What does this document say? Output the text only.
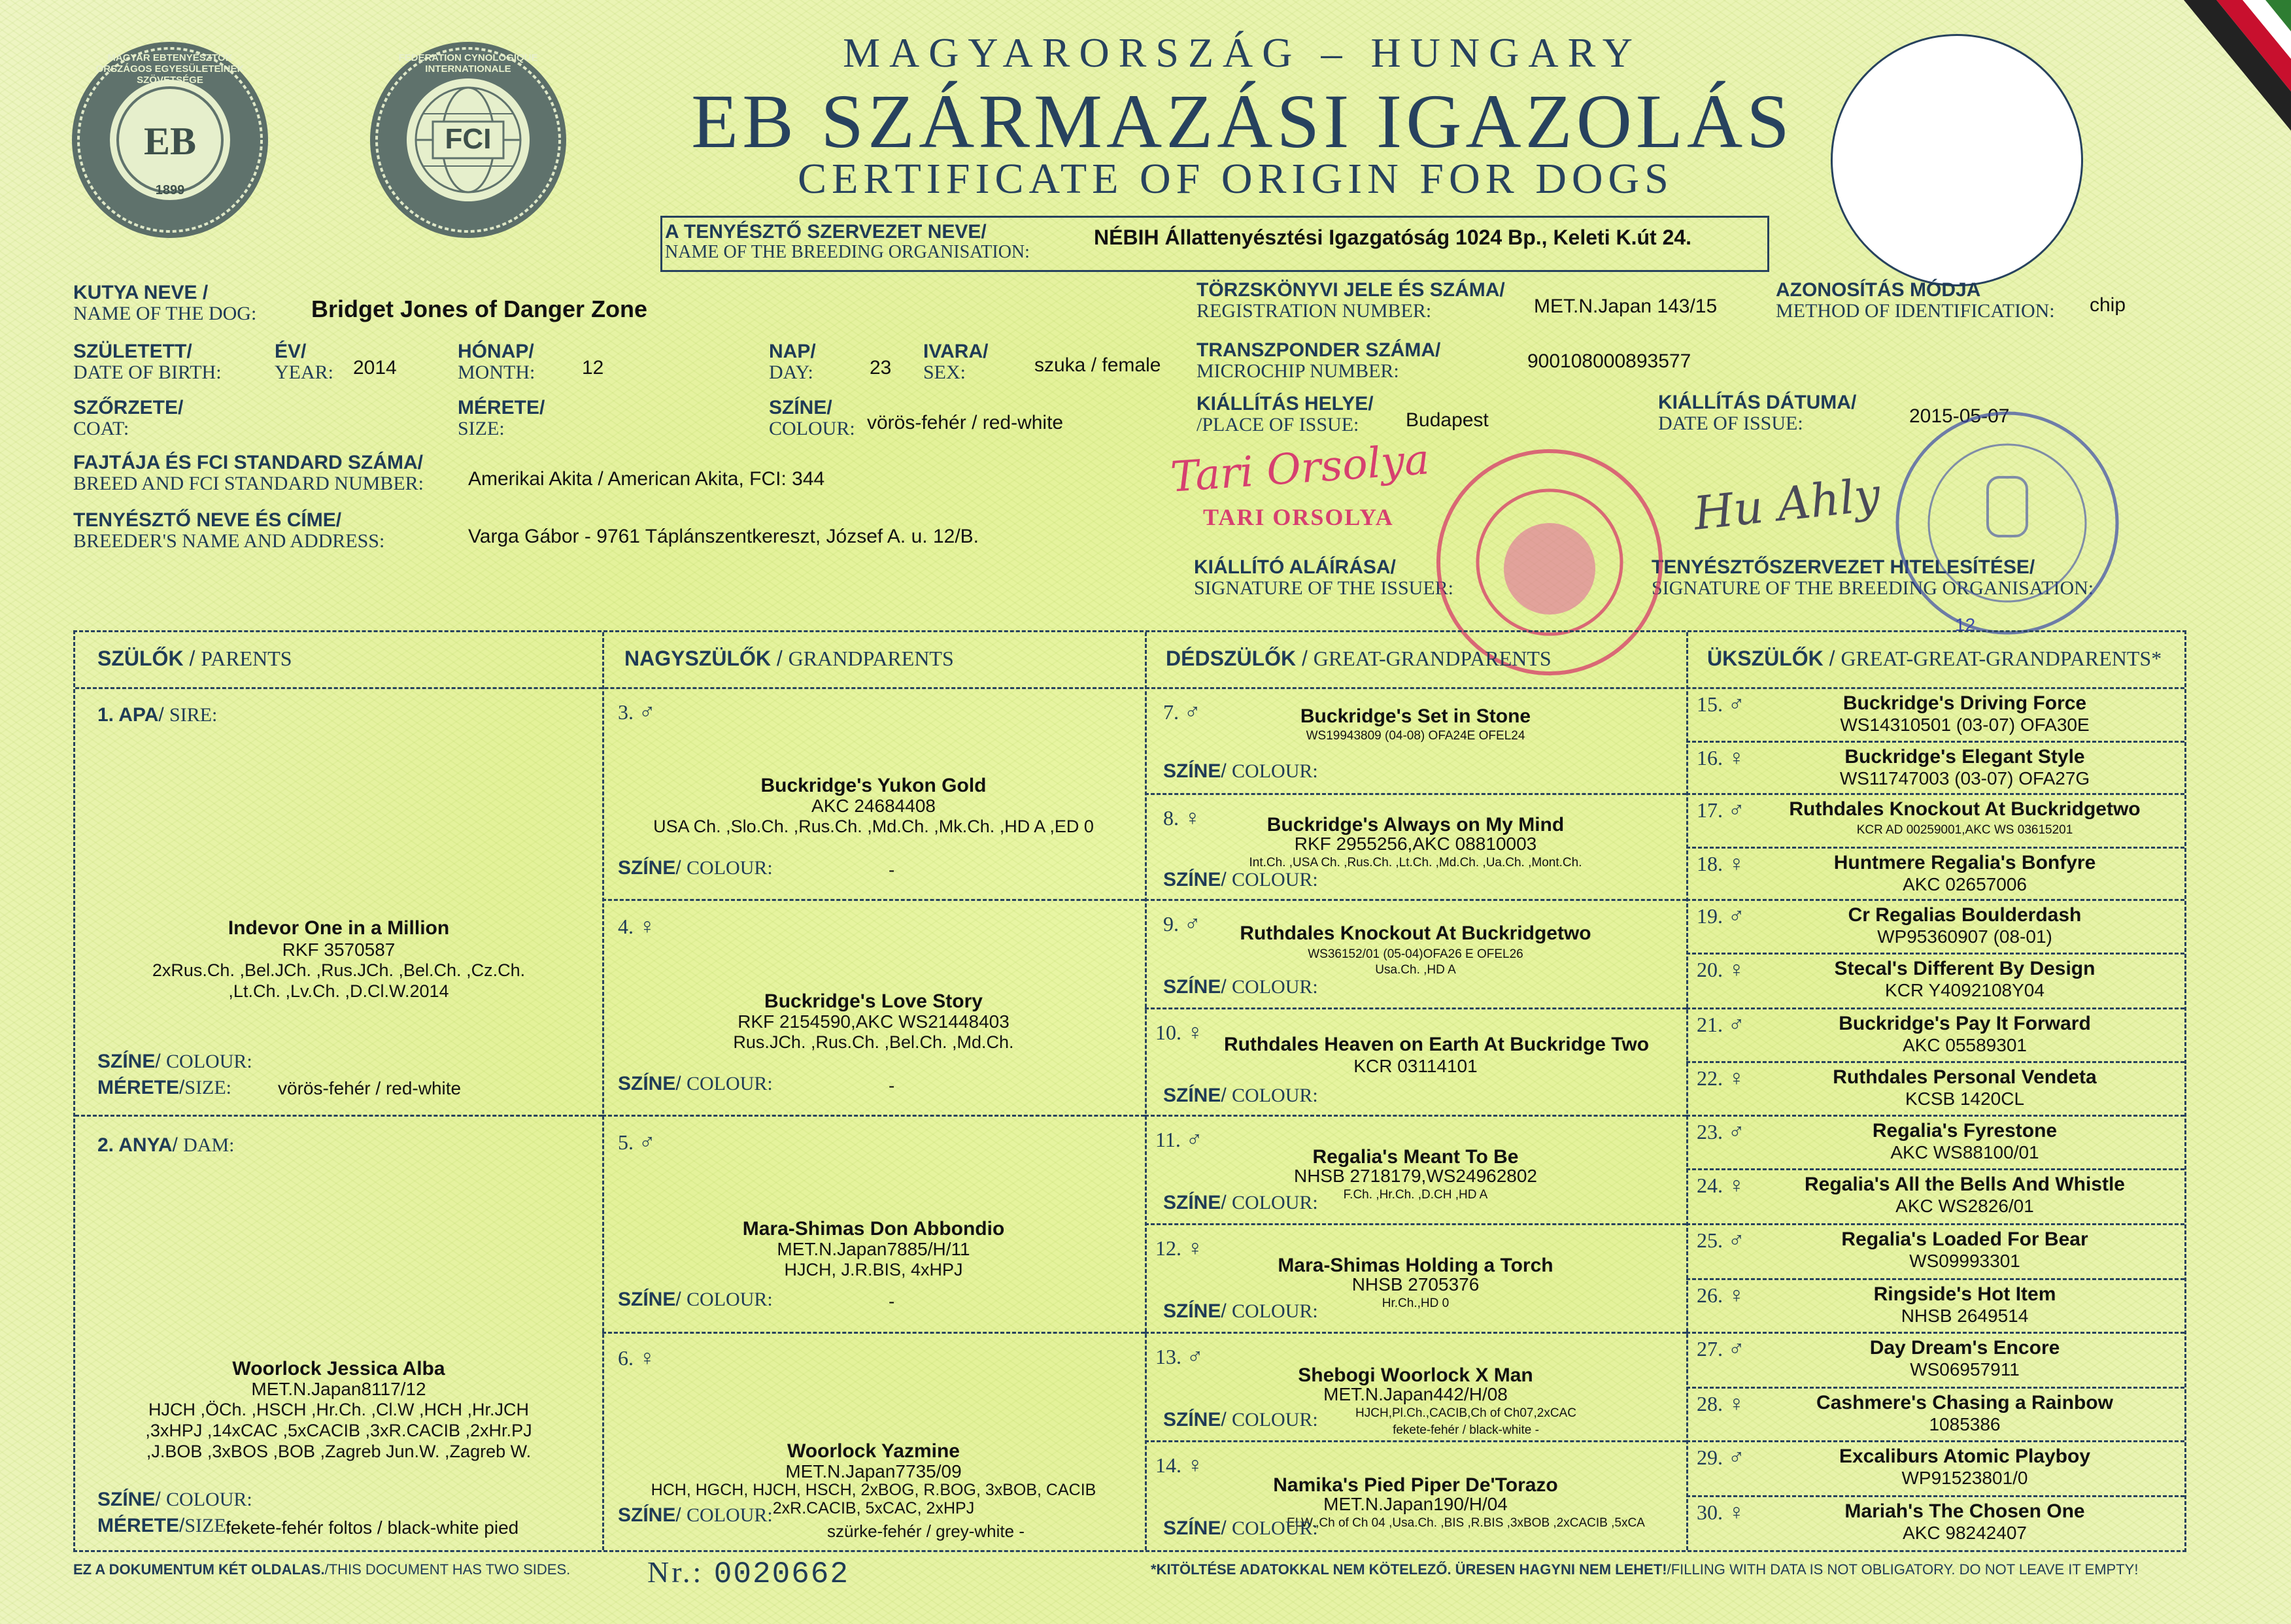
EB
1899
MAGYAR EBTENYÉSZTŐK ORSZÁGOS EGYESÜLETEINEK SZÖVETSÉGE
FCI
FEDERATION CYNOLOGIQUE INTERNATIONALE	MAGYARORSZÁG – HUNGARY
EB SZÁRMAZÁSI IGAZOLÁS
CERTIFICATE OF ORIGIN FOR DOGS
A TENYÉSZTŐ SZERVEZET NEVE/
NAME OF THE BREEDING ORGANISATION:
NÉBIH Állattenyésztési Igazgatóság 1024 Bp., Keleti K.út 24.
KUTYA NEVE /
NAME OF THE DOG: Bridget Jones of Danger Zone
SZÜLETETT/
DATE OF BIRTH:
ÉV/
YEAR: 2014
HÓNAP/
MONTH: 12
NAP/
DAY:	23
IVARA/
SEX:	szuka / female
SZŐRZETE/
COAT:
MÉRETE/
SIZE:
SZÍNE/
COLOUR: vörös-fehér / red-white
FAJTÁJA ÉS FCI STANDARD SZÁMA/
BREED AND FCI STANDARD NUMBER: Amerikai Akita / American Akita, FCI: 344
TENYÉSZTŐ NEVE ÉS CÍME/
BREEDER'S NAME AND ADDRESS:	Varga Gábor - 9761 Táplánszentkereszt, József A. u. 12/B.
TÖRZSKÖNYVI JELE ÉS SZÁMA/
REGISTRATION NUMBER:	MET.N.Japan 143/15
AZONOSÍTÁS MÓDJA
METHOD OF IDENTIFICATION: chip
TRANSZPONDER SZÁMA/
MICROCHIP NUMBER:	900108000893577
KIÁLLÍTÁS HELYE/
/PLACE OF ISSUE:	Budapest
KIÁLLÍTÁS DÁTUMA/
DATE OF ISSUE:	2015-05-07
KIÁLLÍTÓ ALÁÍRÁSA/
SIGNATURE OF THE ISSUER:
TENYÉSZTŐSZERVEZET HITELESÍTÉSE/
SIGNATURE OF THE BREEDING ORGANISATION:
Tari Orsolya
TARI ORSOLYA	Hu Ahly
12
SZÜLŐK / PARENTS	NAGYSZÜLŐK / GRANDPARENTS	DÉDSZÜLŐK / GREAT-GRANDPARENTS	ÜKSZÜLŐK / GREAT-GREAT-GRANDPARENTS*
1. APA/ SIRE:
Indevor One in a Million
RKF 3570587
2xRus.Ch. ,Bel.JCh. ,Rus.JCh. ,Bel.Ch. ,Cz.Ch.
,Lt.Ch. ,Lv.Ch. ,D.Cl.W.2014
SZÍNE/ COLOUR:
MÉRETE/SIZE:	vörös-fehér / red-white
2. ANYA/ DAM:
Woorlock Jessica Alba
MET.N.Japan8117/12
HJCH ,ÖCh. ,HSCH ,Hr.Ch. ,Cl.W ,HCH ,Hr.JCH
,3xHPJ ,14xCAC ,5xCACIB ,3xR.CACIB ,2xHr.PJ
,J.BOB ,3xBOS ,BOB ,Zagreb Jun.W. ,Zagreb W.
SZÍNE/ COLOUR:
MÉRETE/SIZE:
fekete-fehér foltos / black-white pied
3. ♂
Buckridge's Yukon Gold
AKC 24684408
USA Ch. ,Slo.Ch. ,Rus.Ch. ,Md.Ch. ,Mk.Ch. ,HD A ,ED 0
SZÍNE/ COLOUR:	-
4. ♀
Buckridge's Love Story
RKF 2154590,AKC WS21448403
Rus.JCh. ,Rus.Ch. ,Bel.Ch. ,Md.Ch.
SZÍNE/ COLOUR:	-
5. ♂
Mara-Shimas Don Abbondio
MET.N.Japan7885/H/11
HJCH, J.R.BIS, 4xHPJ
SZÍNE/ COLOUR:	-
6. ♀
Woorlock Yazmine
MET.N.Japan7735/09
HCH, HGCH, HJCH, HSCH, 2xBOG, R.BOG, 3xBOB, CACIB
2xR.CACIB, 5xCAC, 2xHPJ
SZÍNE/ COLOUR:
szürke-fehér / grey-white -
7. ♂	Buckridge's Set in Stone
WS19943809 (04-08) OFA24E OFEL24
SZÍNE/ COLOUR:
8. ♀	Buckridge's Always on My Mind
RKF 2955256,AKC 08810003
Int.Ch. ,USA Ch. ,Rus.Ch. ,Lt.Ch. ,Md.Ch. ,Ua.Ch. ,Mont.Ch.
SZÍNE/ COLOUR:
9. ♂	Ruthdales Knockout At Buckridgetwo
WS36152/01 (05-04)OFA26 E OFEL26
Usa.Ch. ,HD A
SZÍNE/ COLOUR:
10. ♀	Ruthdales Heaven on Earth At Buckridge Two
KCR 03114101
SZÍNE/ COLOUR:
11. ♂
Regalia's Meant To Be
NHSB 2718179,WS24962802
F.Ch. ,Hr.Ch. ,D.CH ,HD A
SZÍNE/ COLOUR:
12. ♀
Mara-Shimas Holding a Torch
NHSB 2705376
Hr.Ch.,HD 0
SZÍNE/ COLOUR:
13. ♂
Shebogi Woorlock X Man
MET.N.Japan442/H/08
HJCH,Pl.Ch.,CACIB,Ch of Ch07,2xCAC
fekete-fehér / black-white -
SZÍNE/ COLOUR:
14. ♀
Namika's Pied Piper De'Torazo
MET.N.Japan190/H/04
ELW.,Ch of Ch 04 ,Usa.Ch. ,BIS ,R.BIS ,3xBOB ,2xCACIB ,5xCA
SZÍNE/ COLOUR:
15. ♂	Buckridge's Driving Force
WS14310501 (03-07) OFA30E
16. ♀	Buckridge's Elegant Style
WS11747003 (03-07) OFA27G
17. ♂	Ruthdales Knockout At Buckridgetwo
KCR AD 00259001,AKC WS 03615201
18. ♀	Huntmere Regalia's Bonfyre
AKC 02657006
19. ♂	Cr Regalias Boulderdash
WP95360907 (08-01)
20. ♀	Stecal's Different By Design
KCR Y4092108Y04
21. ♂	Buckridge's Pay It Forward
AKC 05589301
22. ♀	Ruthdales Personal Vendeta
KCSB 1420CL
23. ♂	Regalia's Fyrestone
AKC WS88100/01
24. ♀	Regalia's All the Bells And Whistle
AKC WS2826/01
25. ♂	Regalia's Loaded For Bear
WS09993301
26. ♀	Ringside's Hot Item
NHSB 2649514
27. ♂	Day Dream's Encore
WS06957911
28. ♀	Cashmere's Chasing a Rainbow
1085386
29. ♂	Excaliburs Atomic Playboy
WP91523801/0
30. ♀	Mariah's The Chosen One
AKC 98242407
EZ A DOKUMENTUM KÉT OLDALAS./THIS DOCUMENT HAS TWO SIDES.	Nr.: 0020662	*KITÖLTÉSE ADATOKKAL NEM KÖTELEZŐ. ÜRESEN HAGYNI NEM LEHET!/FILLING WITH DATA IS NOT OBLIGATORY. DO NOT LEAVE IT EMPTY!
